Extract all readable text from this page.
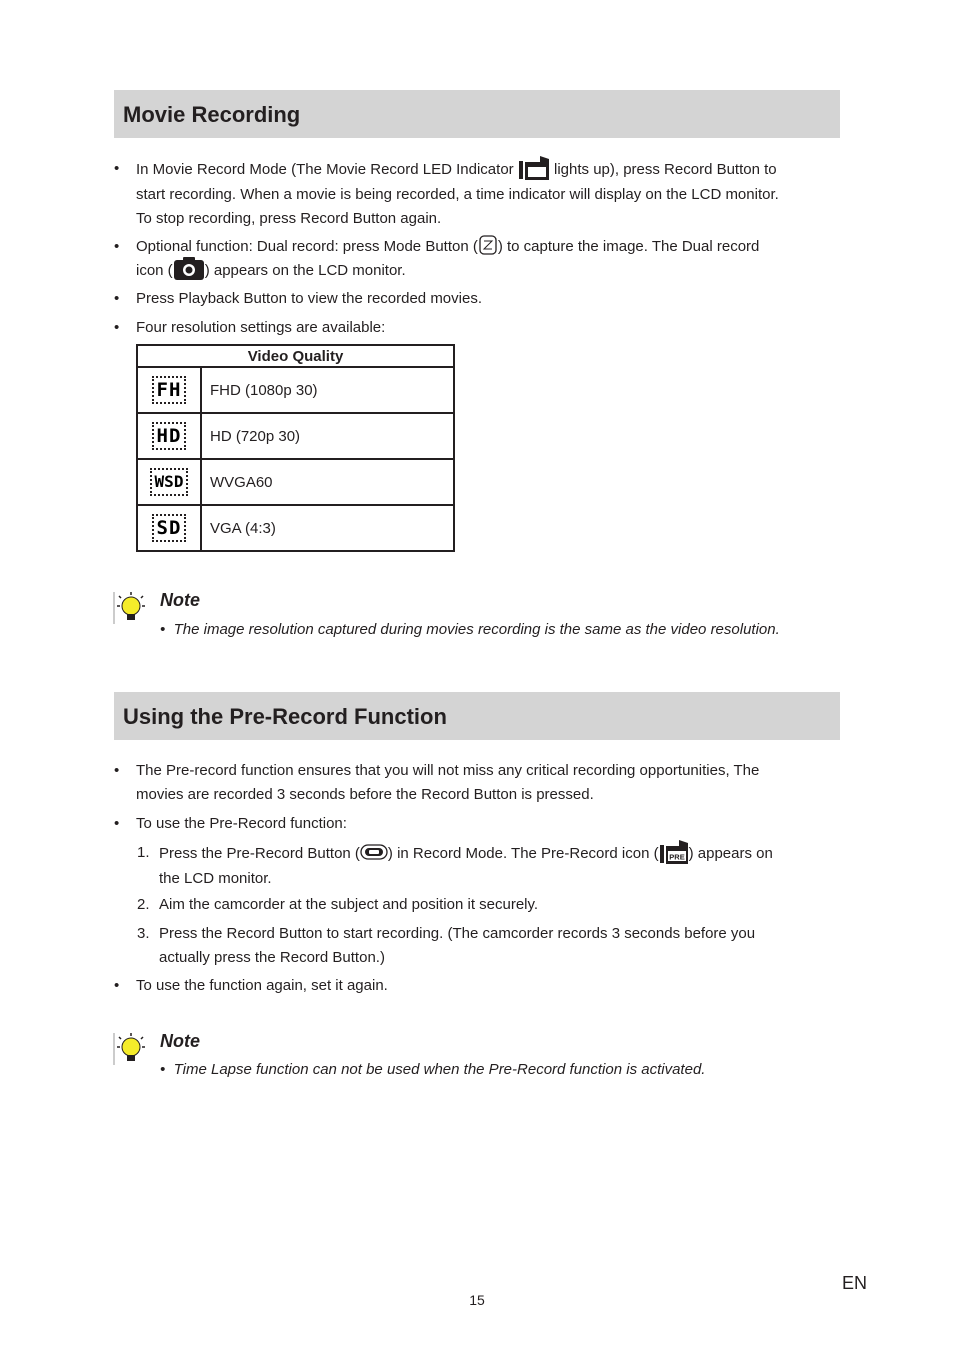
Movie Recording
•	In Movie Record Mode (The Movie Record LED Indicator	lights up), press Record Button to
start recording. When a movie is being recorded, a time indicator will display on the LCD monitor.
To stop recording, press Record Button again.
•	Optional function: Dual record: press Mode Button ( ) to capture the image. The Dual record
icon ( ) appears on the LCD monitor.
•	Press Playback Button to view the recorded movies.
•	Four resolution settings are available:
Video Quality	
FH	FHD (1080p 30)
HD	HD (720p 30)
WSD	WVGA60
SD	VGA (4:3)
Note
• The image resolution captured during movies recording is the same as the video resolution.
Using the Pre-Record Function
•	The Pre-record function ensures that you will not miss any critical recording opportunities, The
movies are recorded 3 seconds before the Record Button is pressed.
•	To use the Pre-Record function:
1. Press the Pre-Record Button ( ) in Record Mode. The Pre-Record icon ( PRE ) appears on
the LCD monitor.
2. Aim the camcorder at the subject and position it securely.
3. Press the Record Button to start recording. (The camcorder records 3 seconds before you
actually press the Record Button.)
•	To use the function again, set it again.
Note
• Time Lapse function can not be used when the Pre-Record function is activated.
15
EN
